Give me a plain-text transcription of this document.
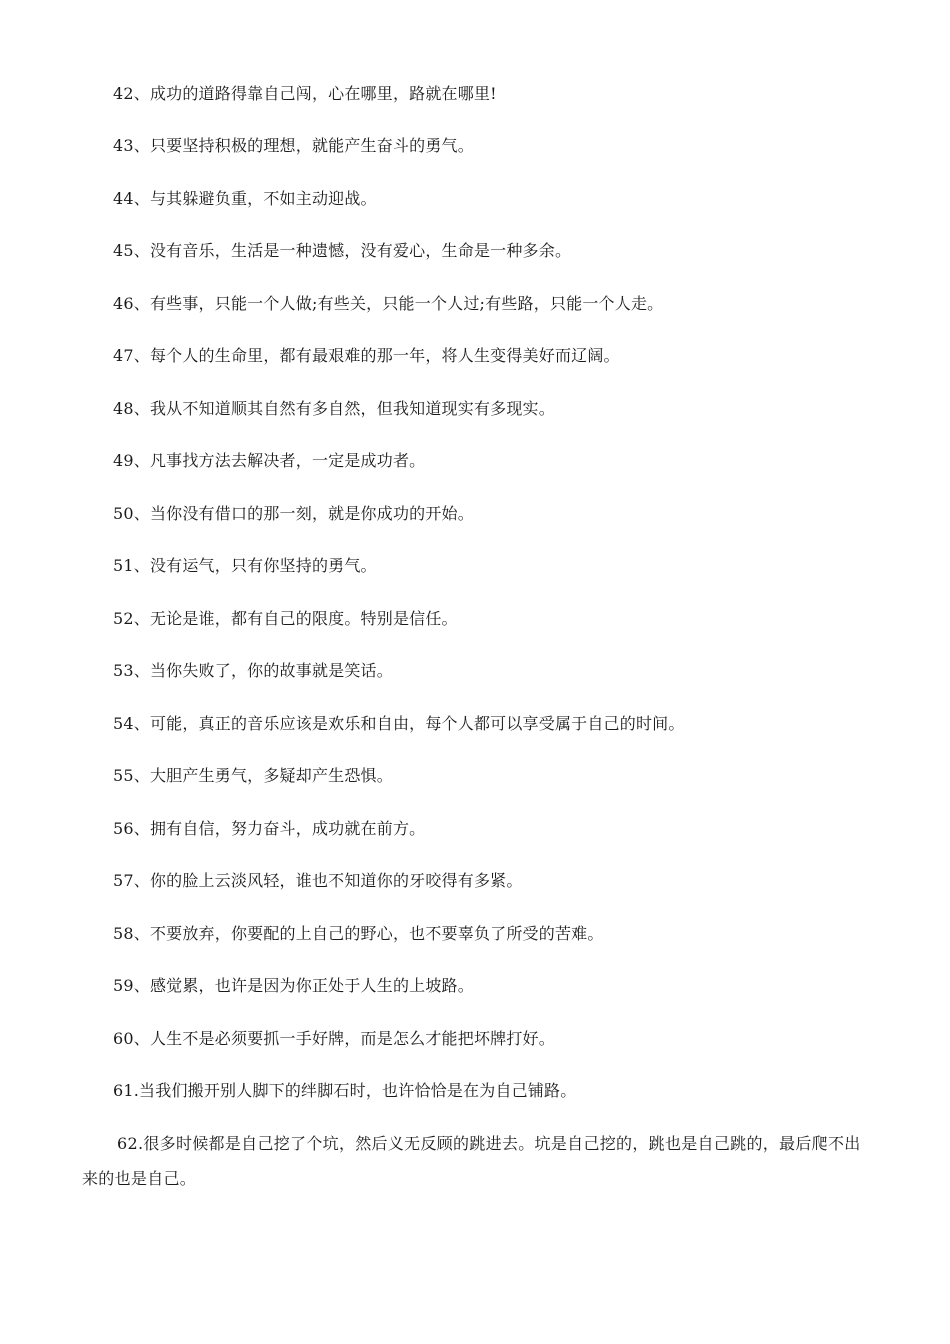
42、成功的道路得靠自己闯，心在哪里，路就在哪里!
43、只要坚持积极的理想，就能产生奋斗的勇气。
44、与其躲避负重，不如主动迎战。
45、没有音乐，生活是一种遗憾，没有爱心，生命是一种多余。
46、有些事，只能一个人做;有些关，只能一个人过;有些路，只能一个人走。
47、每个人的生命里，都有最艰难的那一年，将人生变得美好而辽阔。
48、我从不知道顺其自然有多自然，但我知道现实有多现实。
49、凡事找方法去解决者，一定是成功者。
50、当你没有借口的那一刻，就是你成功的开始。
51、没有运气，只有你坚持的勇气。
52、无论是谁，都有自己的限度。特别是信任。
53、当你失败了，你的故事就是笑话。
54、可能，真正的音乐应该是欢乐和自由，每个人都可以享受属于自己的时间。
55、大胆产生勇气，多疑却产生恐惧。
56、拥有自信，努力奋斗，成功就在前方。
57、你的脸上云淡风轻，谁也不知道你的牙咬得有多紧。
58、不要放弃，你要配的上自己的野心，也不要辜负了所受的苦难。
59、感觉累，也许是因为你正处于人生的上坡路。
60、人生不是必须要抓一手好牌，而是怎么才能把坏牌打好。
61.当我们搬开别人脚下的绊脚石时，也许恰恰是在为自己铺路。
62.很多时候都是自己挖了个坑，然后义无反顾的跳进去。坑是自己挖的，跳也是自己跳的，最后爬不出来的也是自己。
